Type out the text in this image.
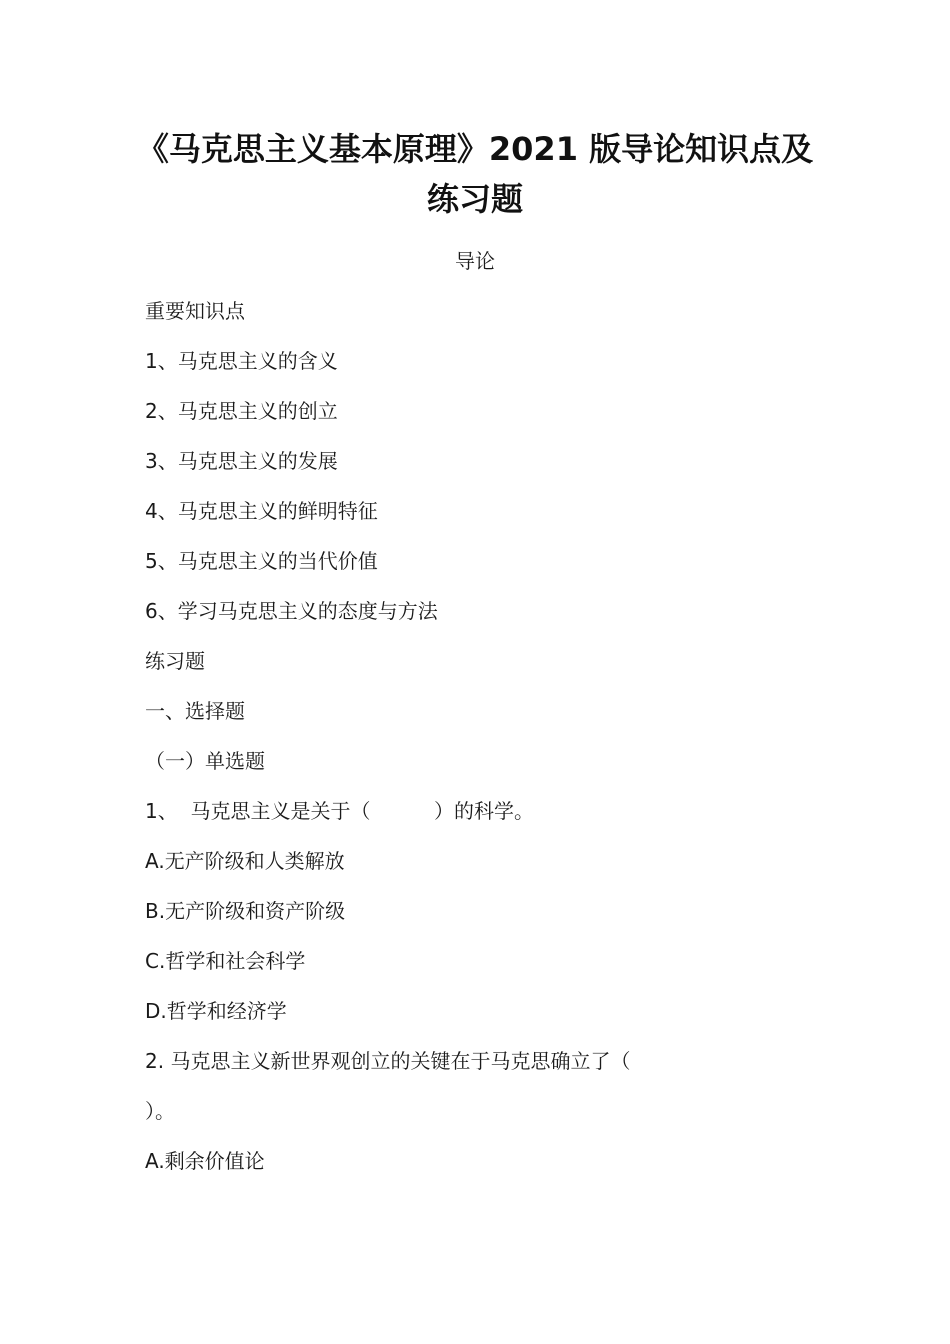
《马克思主义基本原理》2021 版导论知识点及
练习题
导论
重要知识点
1、马克思主义的含义
2、马克思主义的创立
3、马克思主义的发展
4、马克思主义的鲜明特征
5、马克思主义的当代价值
6、学习马克思主义的态度与方法
练习题
一、选择题
（一）单选题
1、  马克思主义是关于（          ）的科学。
A.无产阶级和人类解放
B.无产阶级和资产阶级
C.哲学和社会科学
D.哲学和经济学
2. 马克思主义新世界观创立的关键在于马克思确立了（
）。
A.剩余价值论
